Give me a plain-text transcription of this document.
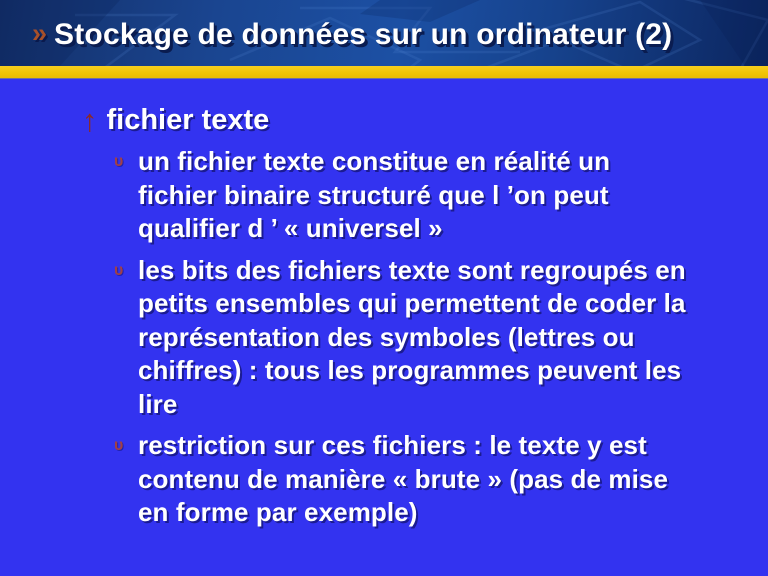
» Stockage de données sur un ordinateur (2)
↑ fichier texte
υ un fichier texte constitue en réalité un
fichier binaire structuré que l ’on peut
qualifier d ’ « universel »
υ les bits des fichiers texte sont regroupés en
petits ensembles qui permettent de coder la
représentation des symboles (lettres ou
chiffres) : tous les programmes peuvent les
lire
υ restriction sur ces fichiers : le texte y est
contenu de manière « brute » (pas de mise
en forme par exemple)
